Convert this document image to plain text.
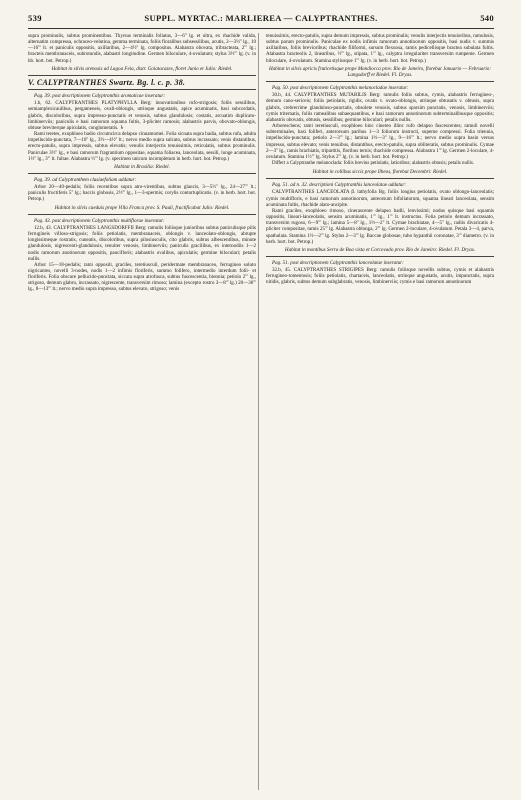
539	SUPPL. MYRTAC.: MARLIEREA — CALYPTRANTHES.	540

supra prominulis, subtus prominentibus. Thyrsus terminalis foliatus, 3—6" lg. et ultra, ex rhachide valida, alternatim compressa, ochraceo-velutina, gemma terminata, foliis floralibus subsessilibus, acutis, 2—3½'' lg., 10—16''' lt. et paniculis oppositis, axillaribus, 2—4½'' lg. compositus. Alabastra obovata, tribracteata, 2''' lg.; bracteis membranaceis, subrotundis, alabastri longitudine. Germen biloculare, 4-ovulatum; stylus 3½''' lg. (v. in hb. hort. bot. Petrop.)

Habitat in silvis arenosis ad Lagoa Feia, distr. Goiatacazes, floret Junio et Julio: Riedel.

V. CALYPTRANTHES Swartz. Bg. l. c. p. 38.

Pag. 39. post descriptionem Calyptranthis aromaticae inseratur:

1.b, 62. CALYPTRANTHES PLATYPHYLLA Berg: innovationibus rufo-strigosis; foliis sessilibus, semiamplexicaulibus, pergameneis, ovali-oblongis, utrinque angustatis, apice acuminatis, basi subcordatis, glabris, discoloribus, supra impresso-punctatis et venosis, subtus glandulosis; costatis, arcuatim duplicato-limbinerviis; paniculis e basi ramorum squama fultis, 3-pliciter ramosis; alabastris parvis, obovato-oblongis, obtuse breviterque apiculatis, conglomeratis. ♄

Rami teretes, exophloeo badio circumcirca delapso cinnamomei. Folia sicnata supra badia, subtus rufa, adulta impellucido-punctata, 7—10'' lg., 3½—4½'' lt.; nervo medio supra sulcato, subtus incrassato; venis distantibus, erecto-patulis, supra impressis, subtus elevatis; venulis interjectis tenuissimis, reticulatis, subtus prominulis. Paniculae 3½'' lg., e basi ramorum fragrantium oppositae, squama foliacea, lanceolata, sessili, longe acuminata, 1½'' lg., 3''' lt. fultae. Alabastra ½''' lg. (v. specimen unicum incompletum in herb. hort. bot. Petrop.)

Habitat in Brasilia: Riedel.

Pag. 39. ad Calyptranthem clusiaefoliam addatur:

Arbor 20—40-pedalis; foliis recentibus supra atro-virentibus, subtus glaucis, 3—5½'' lg., 24—27''' lt.; paniculis fructiferis 5'' lg.; baccis globosis, 2½''' lg., 1—3-spermis; corylis contortuplicatis. (v. in herb. hort. bot. Petrop.)

Habitat in silvis caeduis prope Villa Franca prov. S. Pauli, fructificabat Julio: Riedel.

Pag. 43. post descriptionem Calyptranthis multiflorae inseratur:

12.b, 43. CALYPTRANTHES LANGSDORFFII Berg: ramulis foliisque junioribus subtus paniculisque pilis ferrugineis villoso-strigosis; foliis petiolatis, membranaceis, oblongis v. lanceolato-oblongis, abrupte longissimeque rostratis, cuneatis, discoloribus, supra pilosiusculis, cito glabris, subtus albescentibus, minute glandulosis, nigrescenti-glandulosis, tenuiter venosis, limbinerviis; paniculis gracilibus, ex internodiis 1—2 nodis ramorum anotinorum oppositis, pauciflorís; alabastris ovalibus, apiculatis; germine biloculari; petalis nullis.

Arbor 15—18-pedalis; rami oppositi, graciles, teretiusculi, peridermate membranaceo, ferrugineo soluto nigricantes, novelli 3-nodes, nodis 1—2 infimis floriferis, summo folifero, intermedio interdum folii- et floriferis. Folia obscure pellucido-punctata, siccata supra atrofusca, subtus fuscescentia, biennia; petiolo 2''' lg., strigoso, demum glabro, incrassato, nigrescente, transversim rimoso; lamina (excepto rostro 3—8''' lg.) 20—36''' lg., 8—13''' lt.; nervo medio supra impresso, subtus elevato, strigoso; venis

tenuissimis, erecto-patulis, supra demum impressis, subtus prominulis; venulis interjectis tenuioribus, ramulosis, subtus parum prominulis. Paniculae ex nodis infimis ramorum annotinorum oppositis, basi nudis v. summis axillaribus, foliis brevioribus; rhachide filiformi, sursum flexuosa, ramis pedicellisque bractea subulata fultis. Alabastra bracteolis 2, linearibus, ½''' lg., stipata, 1''' lg., calyptra irregulariter transversim rumpente. Germen biloculare, 4-ovulatum. Stamina styliusque 1''' lg. (v. in herb. hort. bot. Petrop.)

Habitat in silvis apricis fruticetisque prope Mandiocca prov. Rio de Janeiro, florebat Januario — Februario: Langsdorff et Riedel. Fl. Dryas.

Pag. 50. post descriptionem Calyptranthis melanocladae inseratur:

30.b, 44. CALYPTRANTHES MUTABILIS Berg: ramulis foliis subtus, cymis, alabastris ferrugineo-, demum cano-sericeis; foliis petiolatis, rigidis, ovatis v. ovato-oblongis, utrinque obtusatis v. obtusis, supra glabris, crebrerrime glanduloso-punctatis, obsolete venosis, subtus sparsim punctatis, venosis, limbinerviis; cymis triternatis, foliis ramealibus subaequantibus, e basi ramorum annotinorum subterminalibusque oppositis; alabastris obovatis, obtusis, sessilibus; germine biloculari; petalis nullis.

Arboreschens; rami teretiusculi, exophloeo hinc cinereo illinc rufo delapso fuscescentes; ramuli novelli subterminales, basi foliferi, anterorsum paribus 1—3 foliorum instructi, superne compressi. Folia triennia, impellucido-punctata; petiolo 2—3''' lg.; lamina 1½—3'' lg., 9—16''' lt.; nervo medio supra basin versus impresso, subtus elevato; venis tenuibus, distantibus, erecto-patulis, supra obliteratis, subtus prominulis. Cymae 2—3'' lg., ramis brachiatis, tripartitis, floribus ternis; rhachide compressa. Alabastra 1''' lg. Germen 2-loculare, 4-ovulatum. Stamina 1½''' lg. Stylus 2''' lg. (v. in herb. hort. bot. Petrop.)

Differt a Calyptranthe melanoclada: foliis brevius petiolatis, latioribus; alabastris obtusis; petalis nullis.

Habitat in collibus siccis prope Ilheos, florebat Decembri: Riedel.

Pag. 51. ad n. 32. descriptioni Calyptranthis lanceolatae addatur:

CALYPTRANTHES LANCEOLATA β. lathyfolia Bg. foliis longius petiolatis, ovato oblongo-lanceolatis; cymis multifloris, e basi ramorum annotinorum, anteorsum bifoliatorum, squama lineari lanceolata, sensim acuminata fultis, rhachide alato-ancipite.

Rami graciles, exophloeo rimoso, cinerascente delapso badii, lenvissimi; nodus quisque basi squamis oppositis, lineari-lanceolatis, sensim acuminatis, 1''' lg., 1''' lt. instructus. Folia petiolo demum incrassato, transversim rugoso, 6—9''' lg.; lamina 5—8'' lg., 1½—2'' lt. Cymae brachiatae, 4—5'' lg., radiis divaricatis 4-pliciter compositae, ramis 25''' lg. Alabastra oblonga, 2''' lg. Germen 2-loculare, 4-ovulatum. Petala 3—4, parva, spathulata. Stamina 1½—2''' lg. Stylus 2—3''' lg. Baccae globosae, tubo hypanthii coronatae, 3''' diametro. (v. in herb. hort. bot. Petrop.)

Habitat in montibus Serra de Boa vista et Corcovado prov. Rio de Janeiro: Riedel. Fl. Dryas.

Pag. 51. post descriptionem Calyptranthis lanceolatae inseratur:

32.b, 45. CALYPTRANTHES STRIGIPES Berg: ramulis foliisque novellis subtus, cymis et alabastris ferrugineo-tomentosis; foliis petiolatis, chartaceis, lanceolatis, utrinque angustatis, acutis, impunctatis, supra nitidis, glabris, subtus demum subglabratis, venosis, limbinerviis; cymis e basi ramorum annotinorum
